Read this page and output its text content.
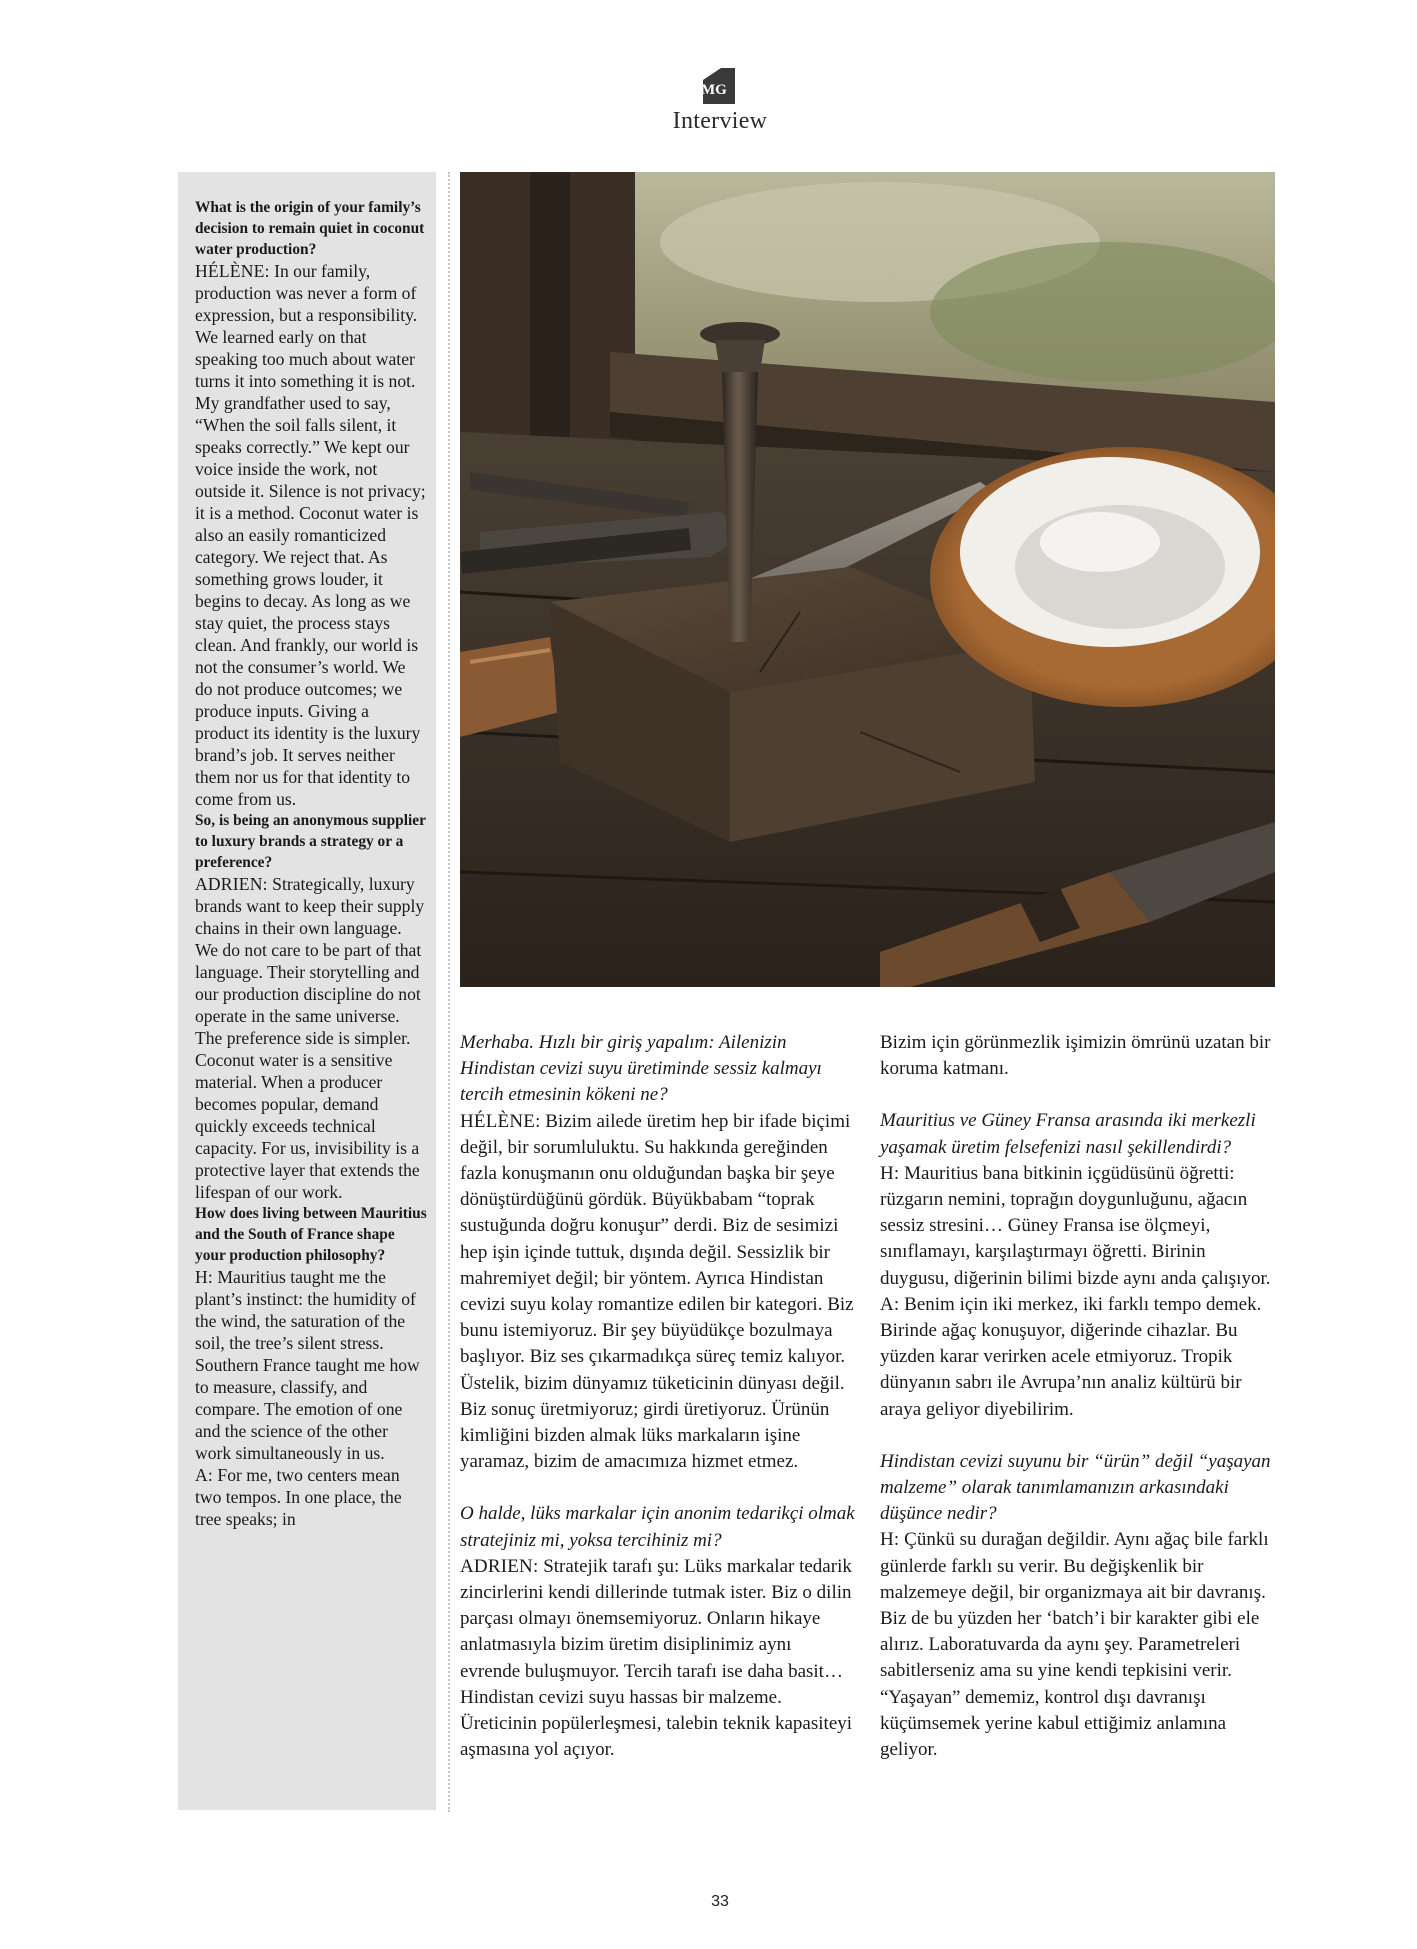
MG
Interview

What is the origin of your family’s decision to remain quiet in coconut water production?

HÉLÈNE: In our family, production was never a form of expression, but a responsibility. We learned early on that speaking too much about water turns it into something it is not. My grandfather used to say, “When the soil falls silent, it speaks correctly.” We kept our voice inside the work, not outside it. Silence is not privacy; it is a method. Coconut water is also an easily romanticized category. We reject that. As something grows louder, it begins to decay. As long as we stay quiet, the process stays clean. And frankly, our world is not the consumer’s world. We do not produce outcomes; we produce inputs. Giving a product its identity is the luxury brand’s job. It serves neither them nor us for that identity to come from us.

So, is being an anonymous supplier to luxury brands a strategy or a preference?

ADRIEN: Strategically, luxury brands want to keep their supply chains in their own language. We do not care to be part of that language. Their storytelling and our production discipline do not operate in the same universe. The preference side is simpler. Coconut water is a sensitive material. When a producer becomes popular, demand quickly exceeds technical capacity. For us, invisibility is a protective layer that extends the lifespan of our work.

How does living between Mauritius and the South of France shape your production philosophy?

H: Mauritius taught me the plant’s instinct: the humidity of the wind, the saturation of the soil, the tree’s silent stress. Southern France taught me how to measure, classify, and compare. The emotion of one and the science of the other work simultaneously in us.

A: For me, two centers mean two tempos. In one place, the tree speaks; in

Merhaba. Hızlı bir giriş yapalım: Ailenizin Hindistan cevizi suyu üretiminde sessiz kalmayı tercih etmesinin kökeni ne?

HÉLÈNE: Bizim ailede üretim hep bir ifade biçimi değil, bir sorumluluktu. Su hakkında gereğinden fazla konuşmanın onu olduğundan başka bir şeye dönüştürdüğünü gördük. Büyükbabam “toprak sustuğunda doğru konuşur” derdi. Biz de sesimizi hep işin içinde tuttuk, dışında değil. Sessizlik bir mahremiyet değil; bir yöntem. Ayrıca Hindistan cevizi suyu kolay romantize edilen bir kategori. Biz bunu istemiyoruz. Bir şey büyüdükçe bozulmaya başlıyor. Biz ses çıkarmadıkça süreç temiz kalıyor. Üstelik, bizim dünyamız tüketicinin dünyası değil. Biz sonuç üretmiyoruz; girdi üretiyoruz. Ürünün kimliğini bizden almak lüks markaların işine yaramaz, bizim de amacımıza hizmet etmez.

O halde, lüks markalar için anonim tedarikçi olmak stratejiniz mi, yoksa tercihiniz mi?

ADRIEN: Stratejik tarafı şu: Lüks markalar tedarik zincirlerini kendi dillerinde tutmak ister. Biz o dilin parçası olmayı önemsemiyoruz. Onların hikaye anlatmasıyla bizim üretim disiplinimiz aynı evrende buluşmuyor. Tercih tarafı ise daha basit… Hindistan cevizi suyu hassas bir malzeme. Üreticinin popülerleşmesi, talebin teknik kapasiteyi aşmasına yol açıyor.

Bizim için görünmezlik işimizin ömrünü uzatan bir koruma katmanı.

Mauritius ve Güney Fransa arasında iki merkezli yaşamak üretim felsefenizi nasıl şekillendirdi?

H: Mauritius bana bitkinin içgüdüsünü öğretti: rüzgarın nemini, toprağın doygunluğunu, ağacın sessiz stresini… Güney Fransa ise ölçmeyi, sınıflamayı, karşılaştırmayı öğretti. Birinin duygusu, diğerinin bilimi bizde aynı anda çalışıyor.

A: Benim için iki merkez, iki farklı tempo demek. Birinde ağaç konuşuyor, diğerinde cihazlar. Bu yüzden karar verirken acele etmiyoruz. Tropik dünyanın sabrı ile Avrupa’nın analiz kültürü bir araya geliyor diyebilirim.

Hindistan cevizi suyunu bir “ürün” değil “yaşayan malzeme” olarak tanımlamanızın arkasındaki düşünce nedir?

H: Çünkü su durağan değildir. Aynı ağaç bile farklı günlerde farklı su verir. Bu değişkenlik bir malzemeye değil, bir organizmaya ait bir davranış. Biz de bu yüzden her ‘batch’i bir karakter gibi ele alırız. Laboratuvarda da aynı şey. Parametreleri sabitlerseniz ama su yine kendi tepkisini verir. “Yaşayan” dememiz, kontrol dışı davranışı küçümsemek yerine kabul ettiğimiz anlamına geliyor.

33
